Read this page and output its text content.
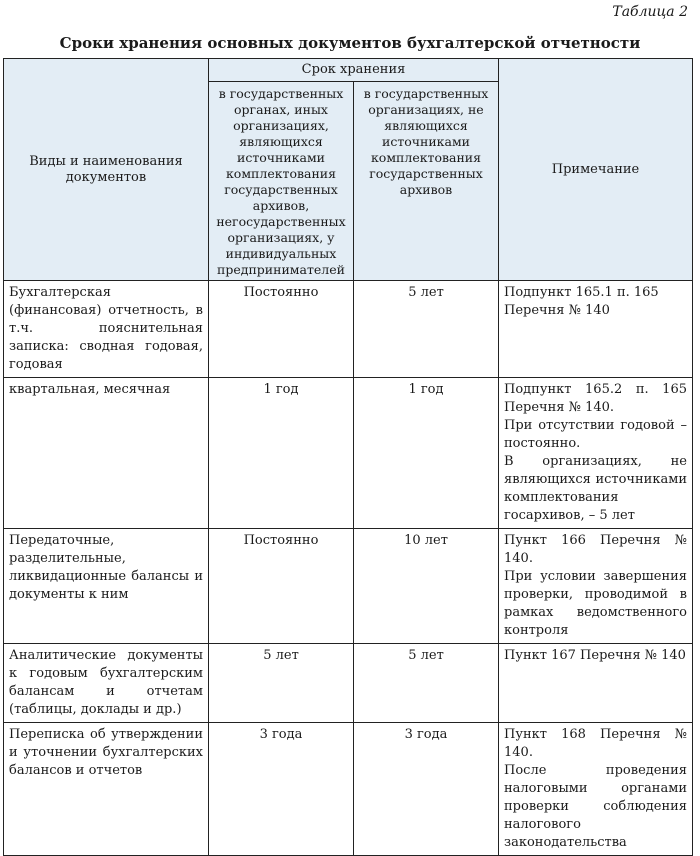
Таблица 2
Сроки хранения основных документов бухгалтерской отчетности
Виды и наименования документов	Срок хранения		Примечание
	в государственных органах, иных организациях, являющихся источниками комплектования государственных архивов, негосударственных организациях, у индивидуальных предпринимателей	в государственных организациях, не являющихся источниками комплектования государственных архивов	

Бухгалтерская (финансовая) отчетность, в т.ч. пояснительная записка: сводная годовая, годовая	Постоянно	5 лет	Подпункт 165.1 п. 165 Перечня № 140

квартальная, месячная	1 год	1 год	Подпункт 165.2 п. 165 Перечня № 140.
При отсутствии годовой – постоянно.
В организациях, не являющихся источниками комплектования госархивов, – 5 лет

Передаточные, разделительные, ликвидационные балансы и документы к ним	Постоянно	10 лет	Пункт 166 Перечня № 140.
При условии завершения проверки, проводимой в рамках ведомственного контроля

Аналитические документы к годовым бухгалтерским балансам и отчетам (таблицы, доклады и др.)	5 лет	5 лет	Пункт 167 Перечня № 140

Переписка об утверждении и уточнении бухгалтерских балансов и отчетов	3 года	3 года	Пункт 168 Перечня № 140.
После проведения налоговыми органами проверки соблюдения налогового законодательства
